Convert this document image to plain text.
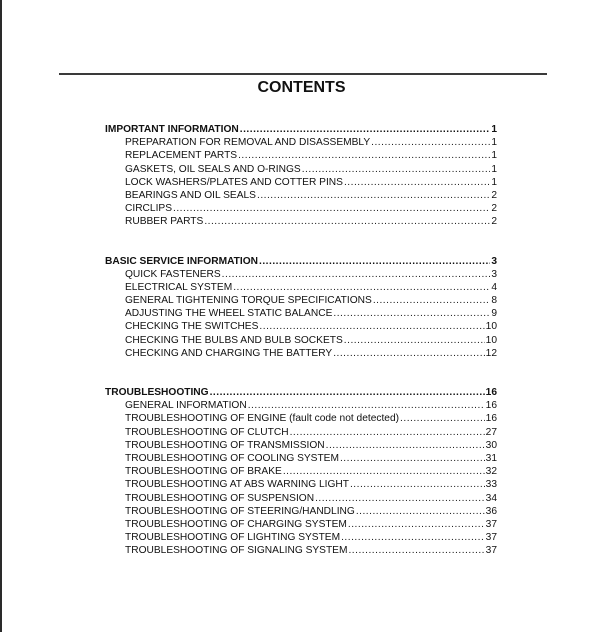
CONTENTS
IMPORTANT INFORMATION .....	1
PREPARATION FOR REMOVAL AND DISASSEMBLY .....	1
REPLACEMENT PARTS .....	1
GASKETS, OIL SEALS AND O-RINGS .....	1
LOCK WASHERS/PLATES AND COTTER PINS .....	1
BEARINGS AND OIL SEALS .....	2
CIRCLIPS .....	2
RUBBER PARTS .....	2
BASIC SERVICE INFORMATION .....	3
QUICK FASTENERS .....	3
ELECTRICAL SYSTEM .....	4
GENERAL TIGHTENING TORQUE SPECIFICATIONS .....	8
ADJUSTING THE WHEEL STATIC BALANCE .....	9
CHECKING THE SWITCHES .....	10
CHECKING THE BULBS AND BULB SOCKETS .....	10
CHECKING AND CHARGING THE BATTERY .....	12
TROUBLESHOOTING .....	16
GENERAL INFORMATION .....	16
TROUBLESHOOTING OF ENGINE (fault code not detected) .....	16
TROUBLESHOOTING OF CLUTCH .....	27
TROUBLESHOOTING OF TRANSMISSION .....	30
TROUBLESHOOTING OF COOLING SYSTEM .....	31
TROUBLESHOOTING OF BRAKE .....	32
TROUBLESHOOTING AT ABS WARNING LIGHT .....	33
TROUBLESHOOTING OF SUSPENSION .....	34
TROUBLESHOOTING OF STEERING/HANDLING .....	36
TROUBLESHOOTING OF CHARGING SYSTEM .....	37
TROUBLESHOOTING OF LIGHTING SYSTEM .....	37
TROUBLESHOOTING OF SIGNALING SYSTEM .....	37
